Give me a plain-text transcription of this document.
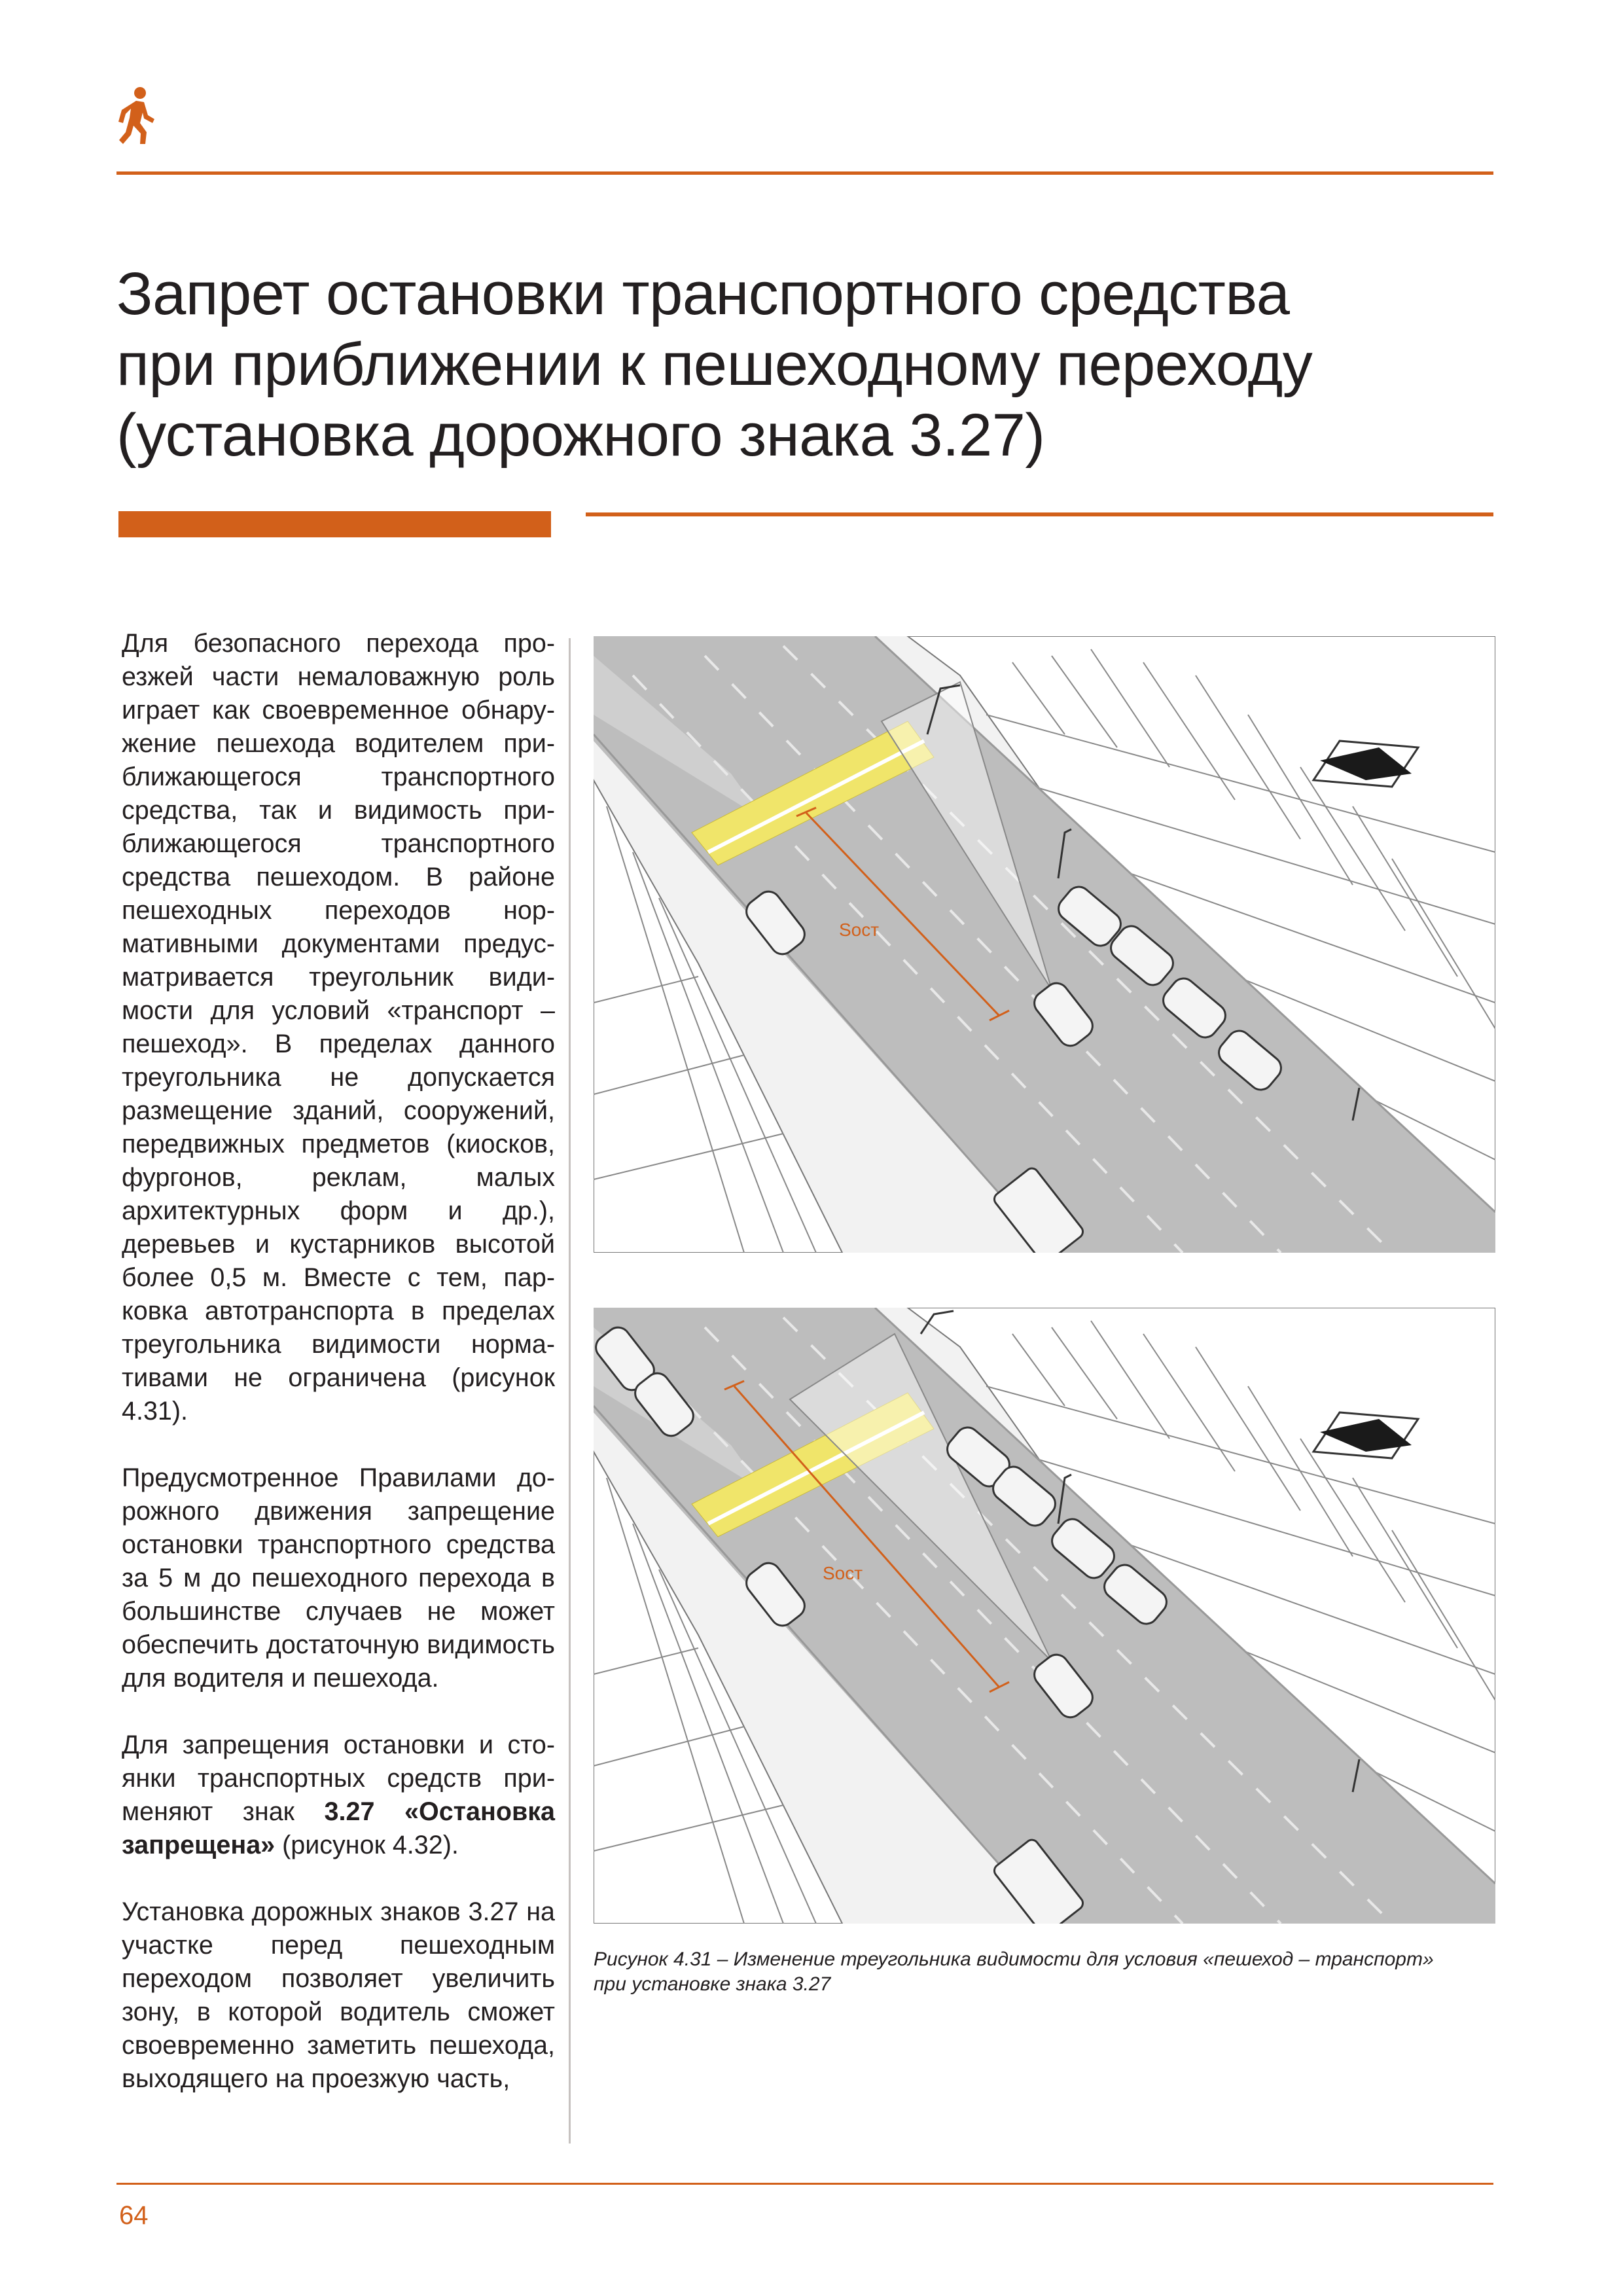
Запрет остановки транспортного средства
при приближении к пешеходному переходу
(установка дорожного знака 3.27)

Для безопасного перехода проезжей части немаловажную роль играет как своевременное обнаружение пешехода водителем приближающегося транспортного средства, так и видимость приближающегося транспортного средства пешеходом. В районе пешеходных переходов нормативными документами предусматривается треугольник видимости для условий «транспорт – пешеход». В пределах данного треугольника не допускается размещение зданий, сооружений, передвижных предметов (киосков, фургонов, реклам, малых архитектурных форм и др.), деревьев и кустарников высотой более 0,5 м. Вместе с тем, парковка автотранспорта в пределах треугольника видимости нормативами не ограничена (рисунок 4.31).

Предусмотренное Правилами дорожного движения запрещение остановки транспортного средства за 5 м до пешеходного перехода в большинстве случаев не может обеспечить достаточную видимость для водителя и пешехода.

Для запрещения остановки и стоянки транспортных средств применяют знак 3.27 «Остановка запрещена» (рисунок 4.32).

Установка дорожных знаков 3.27 на участке перед пешеходным переходом позволяет увеличить зону, в которой водитель сможет своевременно заметить пешехода, выходящего на проезжую часть,

Sост
Sост
Рисунок 4.31 – Изменение треугольника видимости для условия «пешеход – транспорт»
при установке знака 3.27
64
